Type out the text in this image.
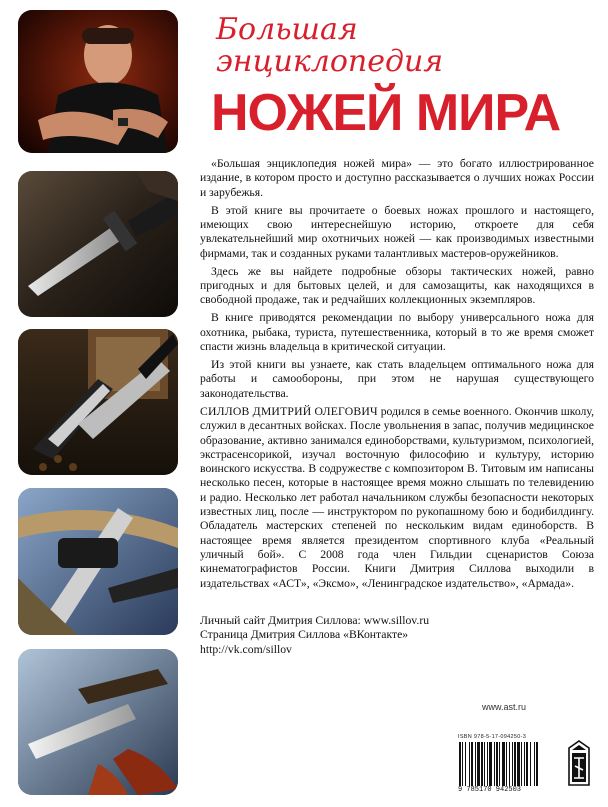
Большая
энциклопедия
НОЖЕЙ МИРА

«Большая энциклопедия ножей мира» — это богато иллюстрированное издание, в котором просто и доступно рассказывается о лучших ножах России и зарубежья.

В этой книге вы прочитаете о боевых ножах прошлого и настоящего, имеющих свою интереснейшую историю, откроете для себя увлекательнейший мир охотничьих ножей — как производимых известными фирмами, так и созданных руками талантливых мастеров-оружейников.

Здесь же вы найдете подробные обзоры тактических ножей, равно пригодных и для бытовых целей, и для самозащиты, как находящихся в свободной продаже, так и редчайших коллекционных экземпляров.

В книге приводятся рекомендации по выбору универсального ножа для охотника, рыбака, туриста, путешественника, который в то же время сможет спасти жизнь владельца в критической ситуации.

Из этой книги вы узнаете, как стать владельцем оптимального ножа для работы и самообороны, при этом не нарушая существующего законодательства.

СИЛЛОВ ДМИТРИЙ ОЛЕГОВИЧ родился в семье военного. Окончив школу, служил в десантных войсках. После увольнения в запас, получив медицинское образование, активно занимался единоборствами, культуризмом, психологией, экстрасенсорикой, изучал восточную философию и культуру, историю воинского искусства. В содружестве с композитором В. Титовым им написаны несколько песен, которые в настоящее время можно слышать по телевидению и радио. Несколько лет работал начальником службы безопасности некоторых известных лиц, после — инструктором по рукопашному бою и бодибилдингу. Обладатель мастерских степеней по нескольким видам единоборств. В настоящее время является президентом спортивного клуба «Реальный уличный бой». С 2008 года член Гильдии сценаристов Союза кинематографистов России. Книги Дмитрия Силлова выходили в издательствах «АСТ», «Эксмо», «Ленинградское издательство», «Армада».

Личный сайт Дмитрия Силлова: www.sillov.ru
Страница Дмитрия Силлова «ВКонтакте»
http://vk.com/sillov
www.ast.ru
ISBN 978-5-17-094250-3
9 785170 942503
